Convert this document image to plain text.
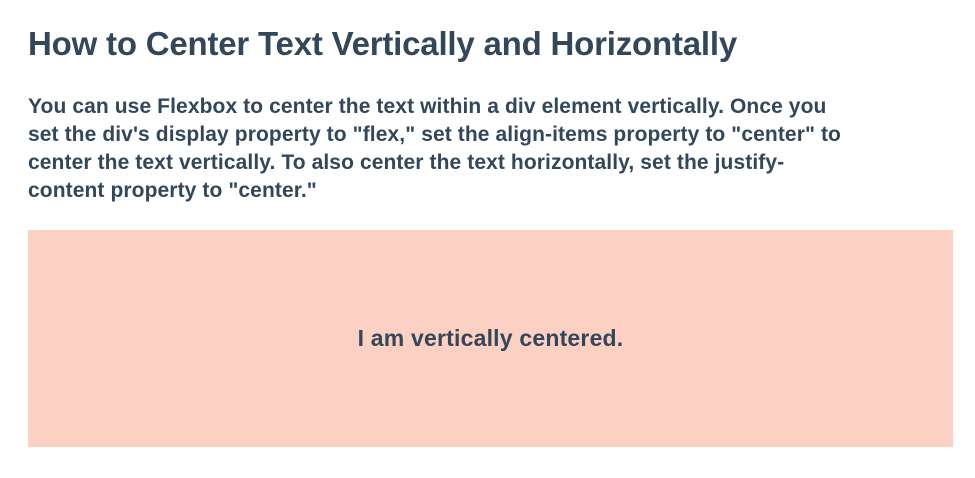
How to Center Text Vertically and Horizontally
You can use Flexbox to center the text within a div element vertically. Once you
set the div's display property to "flex," set the align-items property to "center" to
center the text vertically. To also center the text horizontally, set the justify-
content property to "center."
I am vertically centered.
